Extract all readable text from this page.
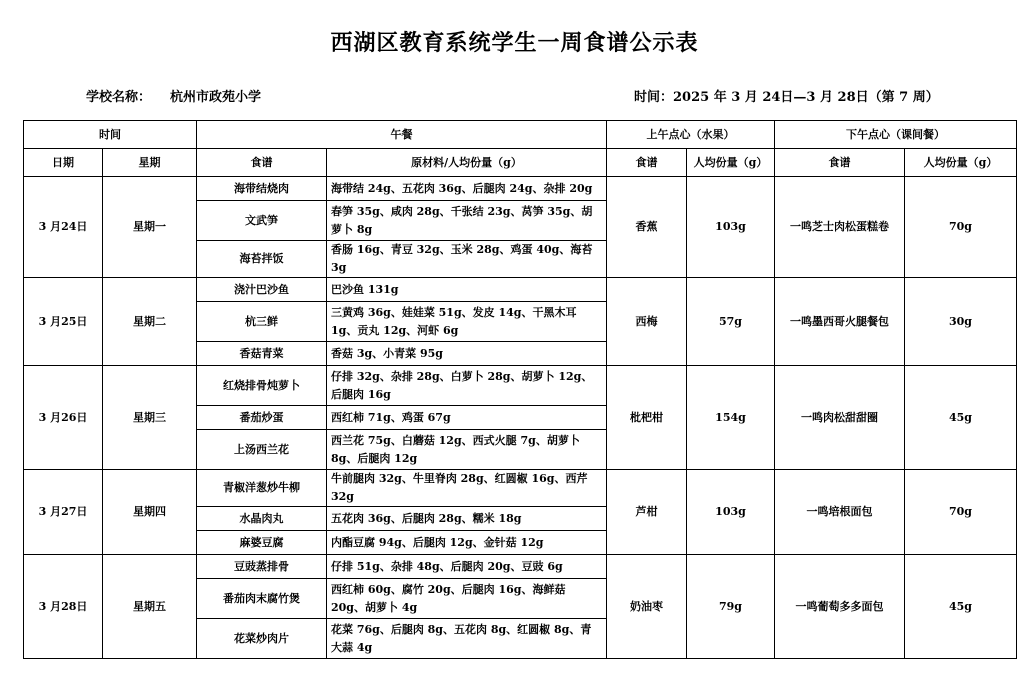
西湖区教育系统学生一周食谱公示表
学校名称： 杭州市政苑小学	时间：2025 年 3 月 24日—3 月 28日（第 7 周）
时间		午餐		上午点心（水果）		下午点心（课间餐）	
日期	星期	食谱	原材料/人均份量（g）	食谱	人均份量（g）	食谱	人均份量（g）
3 月24日	星期一	海带结烧肉	海带结 24g、五花肉 36g、后腿肉 24g、杂排 20g	香蕉	103g	一鸣芝士肉松蛋糕卷	70g
		文武笋	春笋 35g、咸肉 28g、千张结 23g、莴笋 35g、胡萝卜 8g				
		海苔拌饭	香肠 16g、青豆 32g、玉米 28g、鸡蛋 40g、海苔 3g				
3 月25日	星期二	浇汁巴沙鱼	巴沙鱼 131g	西梅	57g	一鸣墨西哥火腿餐包	30g
		杭三鲜	三黄鸡 36g、娃娃菜 51g、发皮 14g、干黑木耳 1g、贡丸 12g、河虾 6g				
		香菇青菜	香菇 3g、小青菜 95g				
3 月26日	星期三	红烧排骨炖萝卜	仔排 32g、杂排 28g、白萝卜 28g、胡萝卜 12g、后腿肉 16g	枇杷柑	154g	一鸣肉松甜甜圈	45g
		番茄炒蛋	西红柿 71g、鸡蛋 67g				
		上汤西兰花	西兰花 75g、白蘑菇 12g、西式火腿 7g、胡萝卜 8g、后腿肉 12g				
3 月27日	星期四	青椒洋葱炒牛柳	牛前腿肉 32g、牛里脊肉 28g、红圆椒 16g、西芹 32g	芦柑	103g	一鸣培根面包	70g
		水晶肉丸	五花肉 36g、后腿肉 28g、糯米 18g				
		麻婆豆腐	内酯豆腐 94g、后腿肉 12g、金针菇 12g				
3 月28日	星期五	豆豉蒸排骨	仔排 51g、杂排 48g、后腿肉 20g、豆豉 6g	奶油枣	79g	一鸣葡萄多多面包	45g
		番茄肉末腐竹煲	西红柿 60g、腐竹 20g、后腿肉 16g、海鲜菇 20g、胡萝卜 4g				
		花菜炒肉片	花菜 76g、后腿肉 8g、五花肉 8g、红圆椒 8g、青大蒜 4g				
